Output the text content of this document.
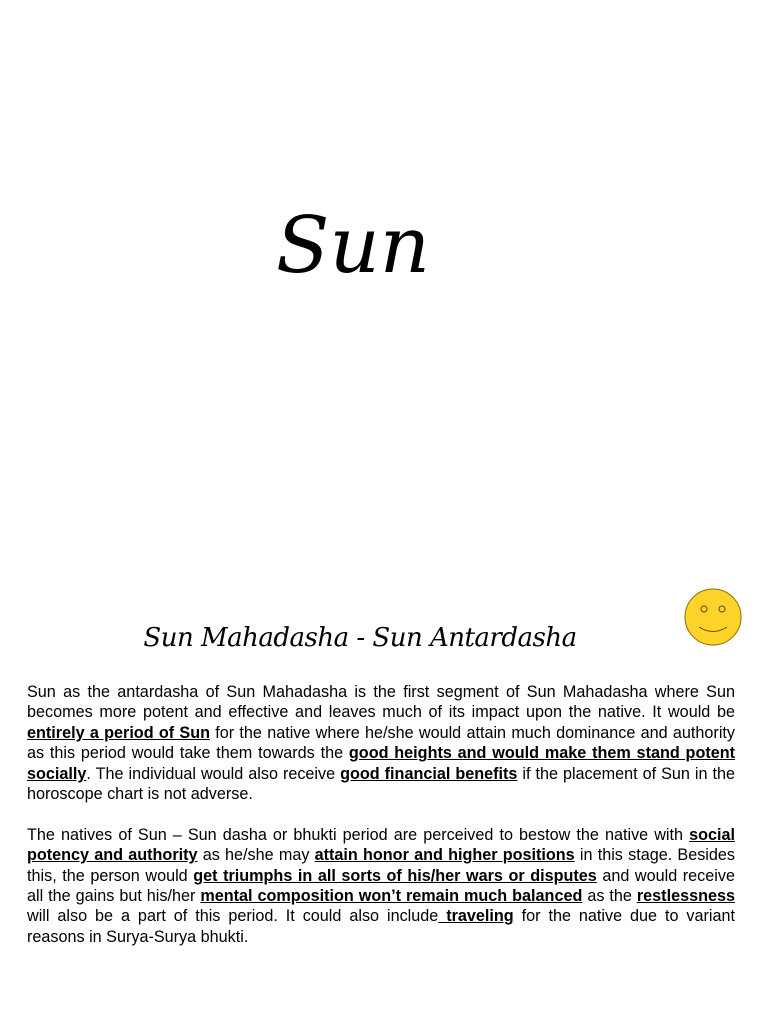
Sun
Sun Mahadasha - Sun Antardasha

Sun as the antardasha of Sun Mahadasha is the first segment of Sun Mahadasha where Sun becomes more potent and effective and leaves much of its impact upon the native. It would be entirely a period of Sun for the native where he/she would attain much dominance and authority as this period would take them towards the good heights and would make them stand potent socially. The individual would also receive good financial benefits if the placement of Sun in the horoscope chart is not adverse.

The natives of Sun – Sun dasha or bhukti period are perceived to bestow the native with social potency and authority as he/she may attain honor and higher positions in this stage. Besides this, the person would get triumphs in all sorts of his/her wars or disputes and would receive all the gains but his/her mental composition won’t remain much balanced as the restlessness will also be a part of this period. It could also include traveling for the native due to variant reasons in Surya-Surya bhukti.
